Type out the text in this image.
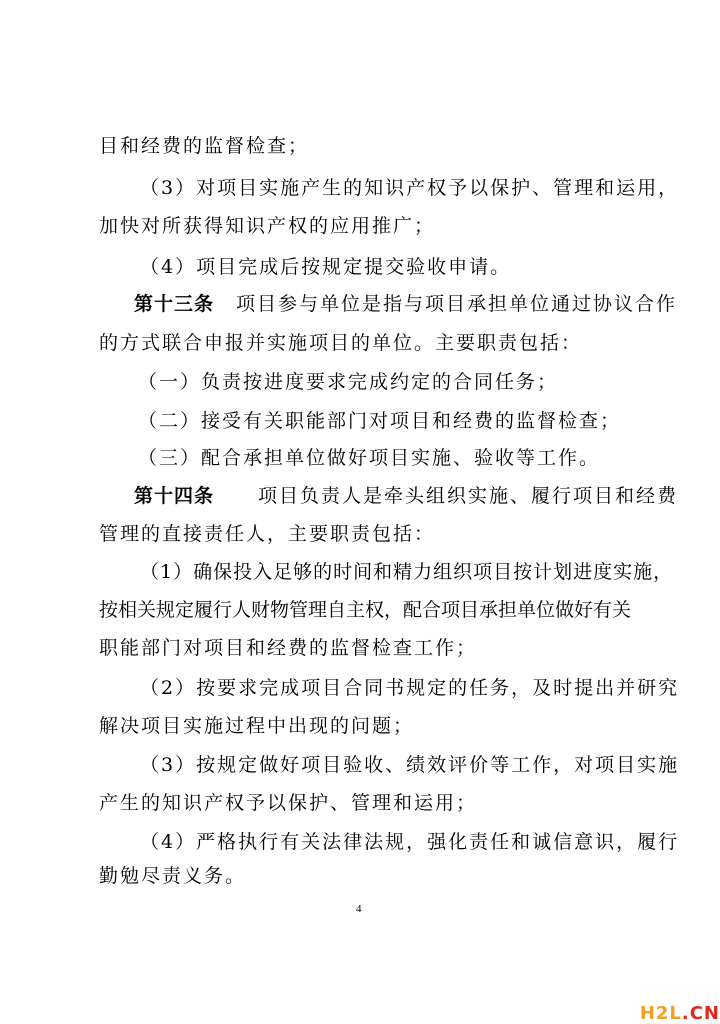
目和经费的监督检查；
（3）对项目实施产生的知识产权予以保护、管理和运用，
加快对所获得知识产权的应用推广；
（4）项目完成后按规定提交验收申请。
第十三条 项目参与单位是指与项目承担单位通过协议合作
的方式联合申报并实施项目的单位。主要职责包括：
（一）负责按进度要求完成约定的合同任务；
（二）接受有关职能部门对项目和经费的监督检查；
（三）配合承担单位做好项目实施、验收等工作。
第十四条 项目负责人是牵头组织实施、履行项目和经费
管理的直接责任人，主要职责包括：
（1）确保投入足够的时间和精力组织项目按计划进度实施，
按相关规定履行人财物管理自主权，配合项目承担单位做好有关
职能部门对项目和经费的监督检查工作；
（2）按要求完成项目合同书规定的任务，及时提出并研究
解决项目实施过程中出现的问题；
（3）按规定做好项目验收、绩效评价等工作，对项目实施
产生的知识产权予以保护、管理和运用；
（4）严格执行有关法律法规，强化责任和诚信意识，履行
勤勉尽责义务。
4
H2L.CN
